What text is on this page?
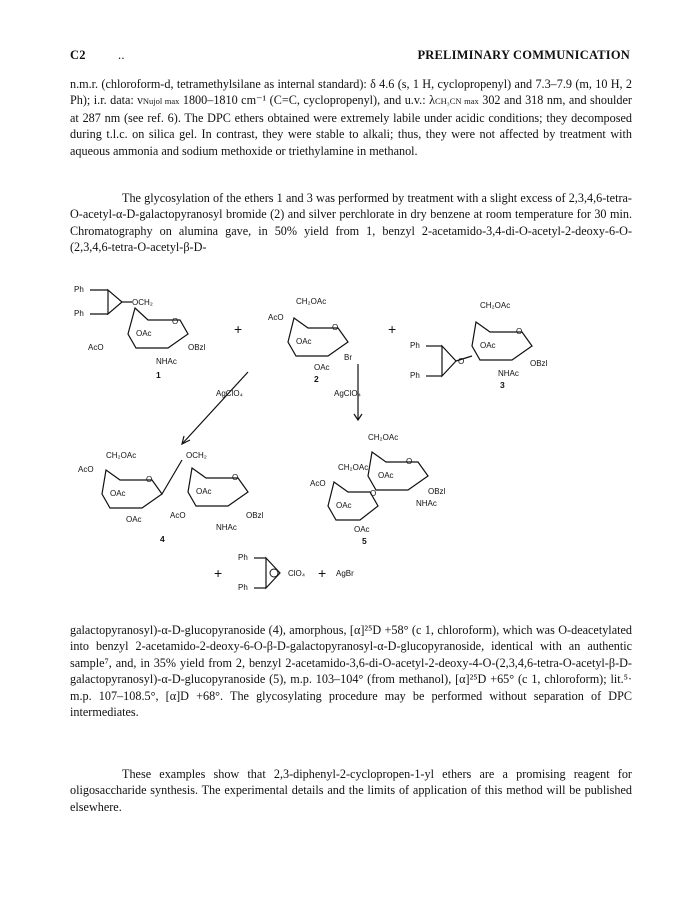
C2	..	PRELIMINARY COMMUNICATION

n.m.r. (chloroform-d, tetramethylsilane as internal standard): δ 4.6 (s, 1 H, cyclopropenyl) and 7.3–7.9 (m, 10 H, 2 Ph); i.r. data: νNujol max 1800–1810 cm⁻¹ (C=C, cyclopropenyl), and u.v.: λCH₃CN max 302 and 318 nm, and shoulder at 287 nm (see ref. 6). The DPC ethers obtained were extremely labile under acidic conditions; they decomposed during t.l.c. on silica gel. In contrast, they were stable to alkali; thus, they were not affected by treatment with aqueous ammonia and sodium methoxide or triethylamine in methanol.

The glycosylation of the ethers 1 and 3 was performed by treatment with a slight excess of 2,3,4,6-tetra-O-acetyl-α-D-galactopyranosyl bromide (2) and silver perchlorate in dry benzene at room temperature for 30 min. Chromatography on alumina gave, in 50% yield from 1, benzyl 2-acetamido-3,4-di-O-acetyl-2-deoxy-6-O-(2,3,4,6-tetra-O-acetyl-β-D-

Ph
Ph
OCH₂
O
OAc
AcO	OBzl
NHAc
1
+
CH₂OAc
AcO
O
OAc
Br
OAc
2
+
CH₂OAc
O
OAc
Ph
Ph
O	OBzl
NHAc
3
AgClO₄	AgClO₄
CH₂OAc
AcO
O
OAc
OAc
OCH₂
O
OAc
AcO	OBzl
NHAc
4
CH₂OAc
O
OAc
OBzl
NHAc
CH₂OAc
AcO
O
OAc
OAc
5
+
Ph
Ph
ClO₄ + AgBr

galactopyranosyl)-α-D-glucopyranoside (4), amorphous, [α]²⁵D +58° (c 1, chloroform), which was O-deacetylated into benzyl 2-acetamido-2-deoxy-6-O-β-D-galactopyranosyl-α-D-glucopyranoside, identical with an authentic sample⁷, and, in 35% yield from 2, benzyl 2-acetamido-3,6-di-O-acetyl-2-deoxy-4-O-(2,3,4,6-tetra-O-acetyl-β-D-galactopyranosyl)-α-D-glucopyranoside (5), m.p. 103–104° (from methanol), [α]²⁵D +65° (c 1, chloroform); lit.⁵· m.p. 107–108.5°, [α]D +68°. The glycosylating procedure may be performed without separation of DPC intermediates.

These examples show that 2,3-diphenyl-2-cyclopropen-1-yl ethers are a promising reagent for oligosaccharide synthesis. The experimental details and the limits of application of this method will be published elsewhere.
